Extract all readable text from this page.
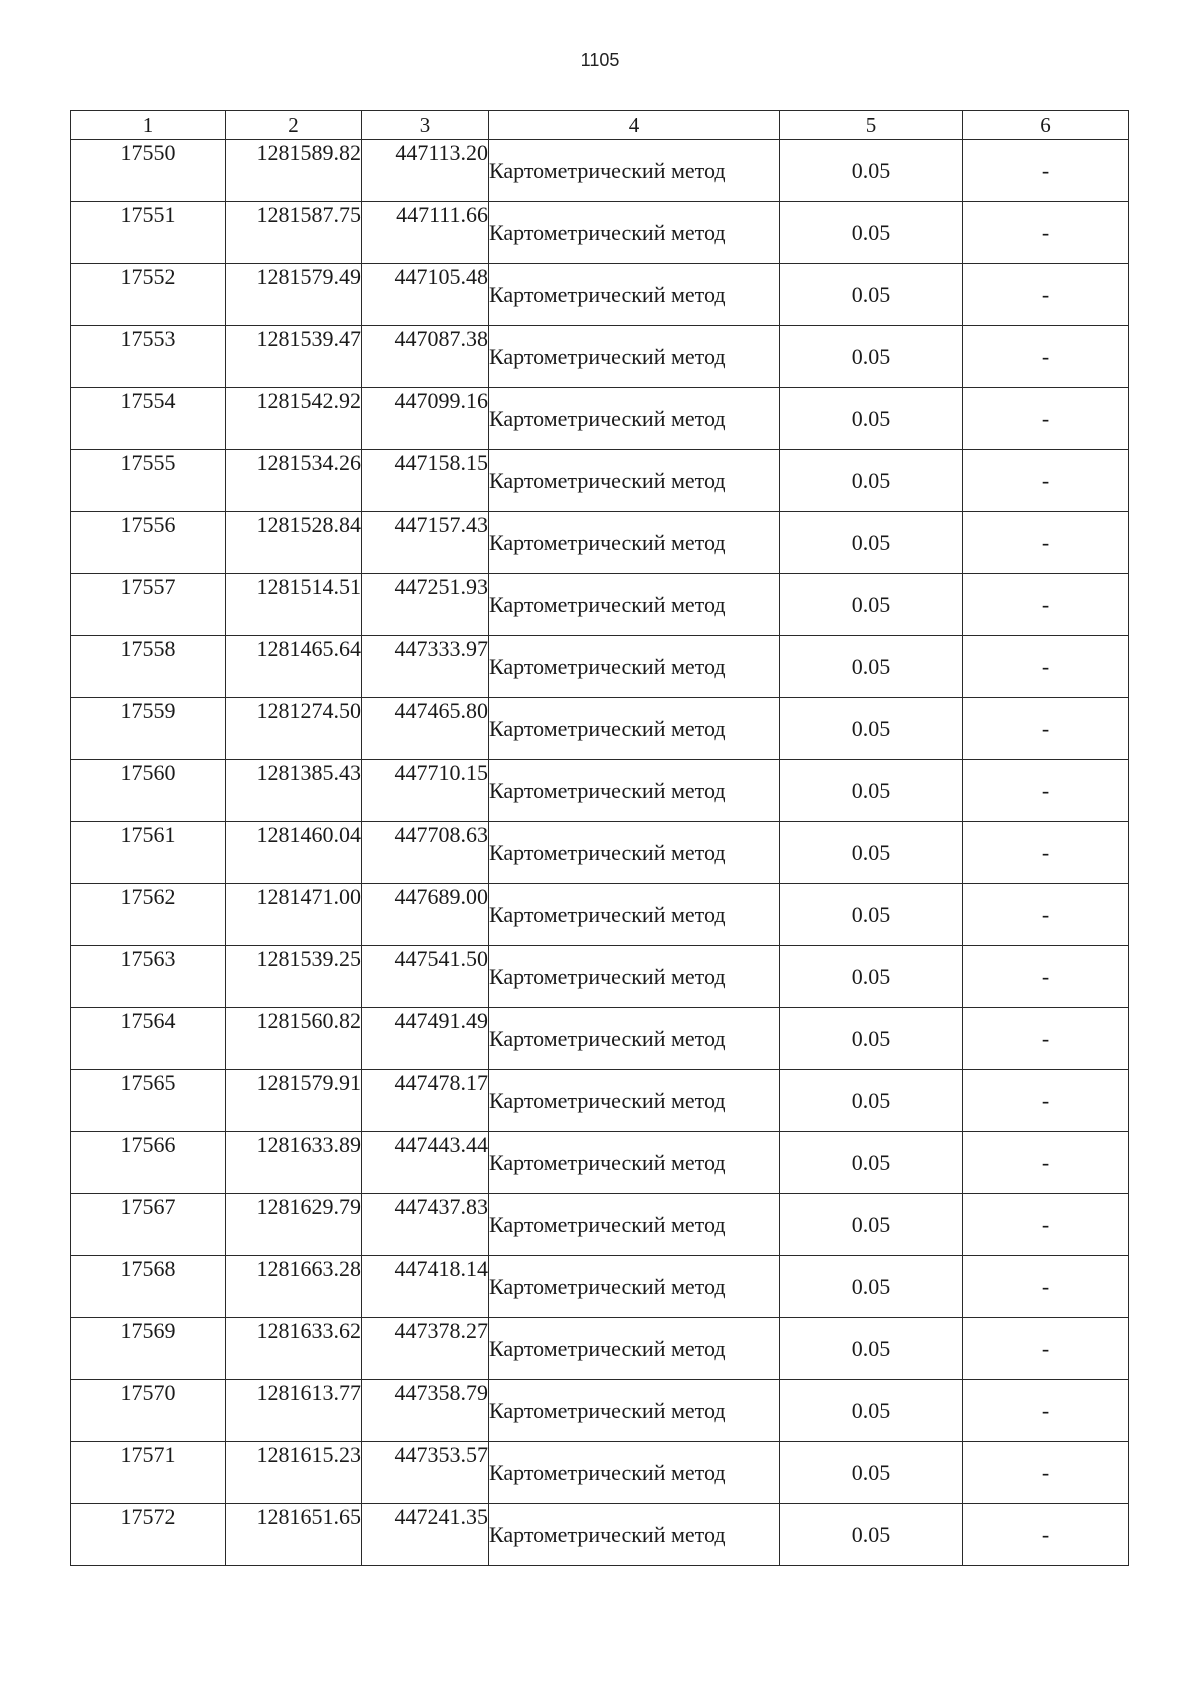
1105
1	2	3	4	5	6
17550	1281589.82	447113.20	Картометрический метод	0.05	-
17551	1281587.75	447111.66	Картометрический метод	0.05	-
17552	1281579.49	447105.48	Картометрический метод	0.05	-
17553	1281539.47	447087.38	Картометрический метод	0.05	-
17554	1281542.92	447099.16	Картометрический метод	0.05	-
17555	1281534.26	447158.15	Картометрический метод	0.05	-
17556	1281528.84	447157.43	Картометрический метод	0.05	-
17557	1281514.51	447251.93	Картометрический метод	0.05	-
17558	1281465.64	447333.97	Картометрический метод	0.05	-
17559	1281274.50	447465.80	Картометрический метод	0.05	-
17560	1281385.43	447710.15	Картометрический метод	0.05	-
17561	1281460.04	447708.63	Картометрический метод	0.05	-
17562	1281471.00	447689.00	Картометрический метод	0.05	-
17563	1281539.25	447541.50	Картометрический метод	0.05	-
17564	1281560.82	447491.49	Картометрический метод	0.05	-
17565	1281579.91	447478.17	Картометрический метод	0.05	-
17566	1281633.89	447443.44	Картометрический метод	0.05	-
17567	1281629.79	447437.83	Картометрический метод	0.05	-
17568	1281663.28	447418.14	Картометрический метод	0.05	-
17569	1281633.62	447378.27	Картометрический метод	0.05	-
17570	1281613.77	447358.79	Картометрический метод	0.05	-
17571	1281615.23	447353.57	Картометрический метод	0.05	-
17572	1281651.65	447241.35	Картометрический метод	0.05	-
